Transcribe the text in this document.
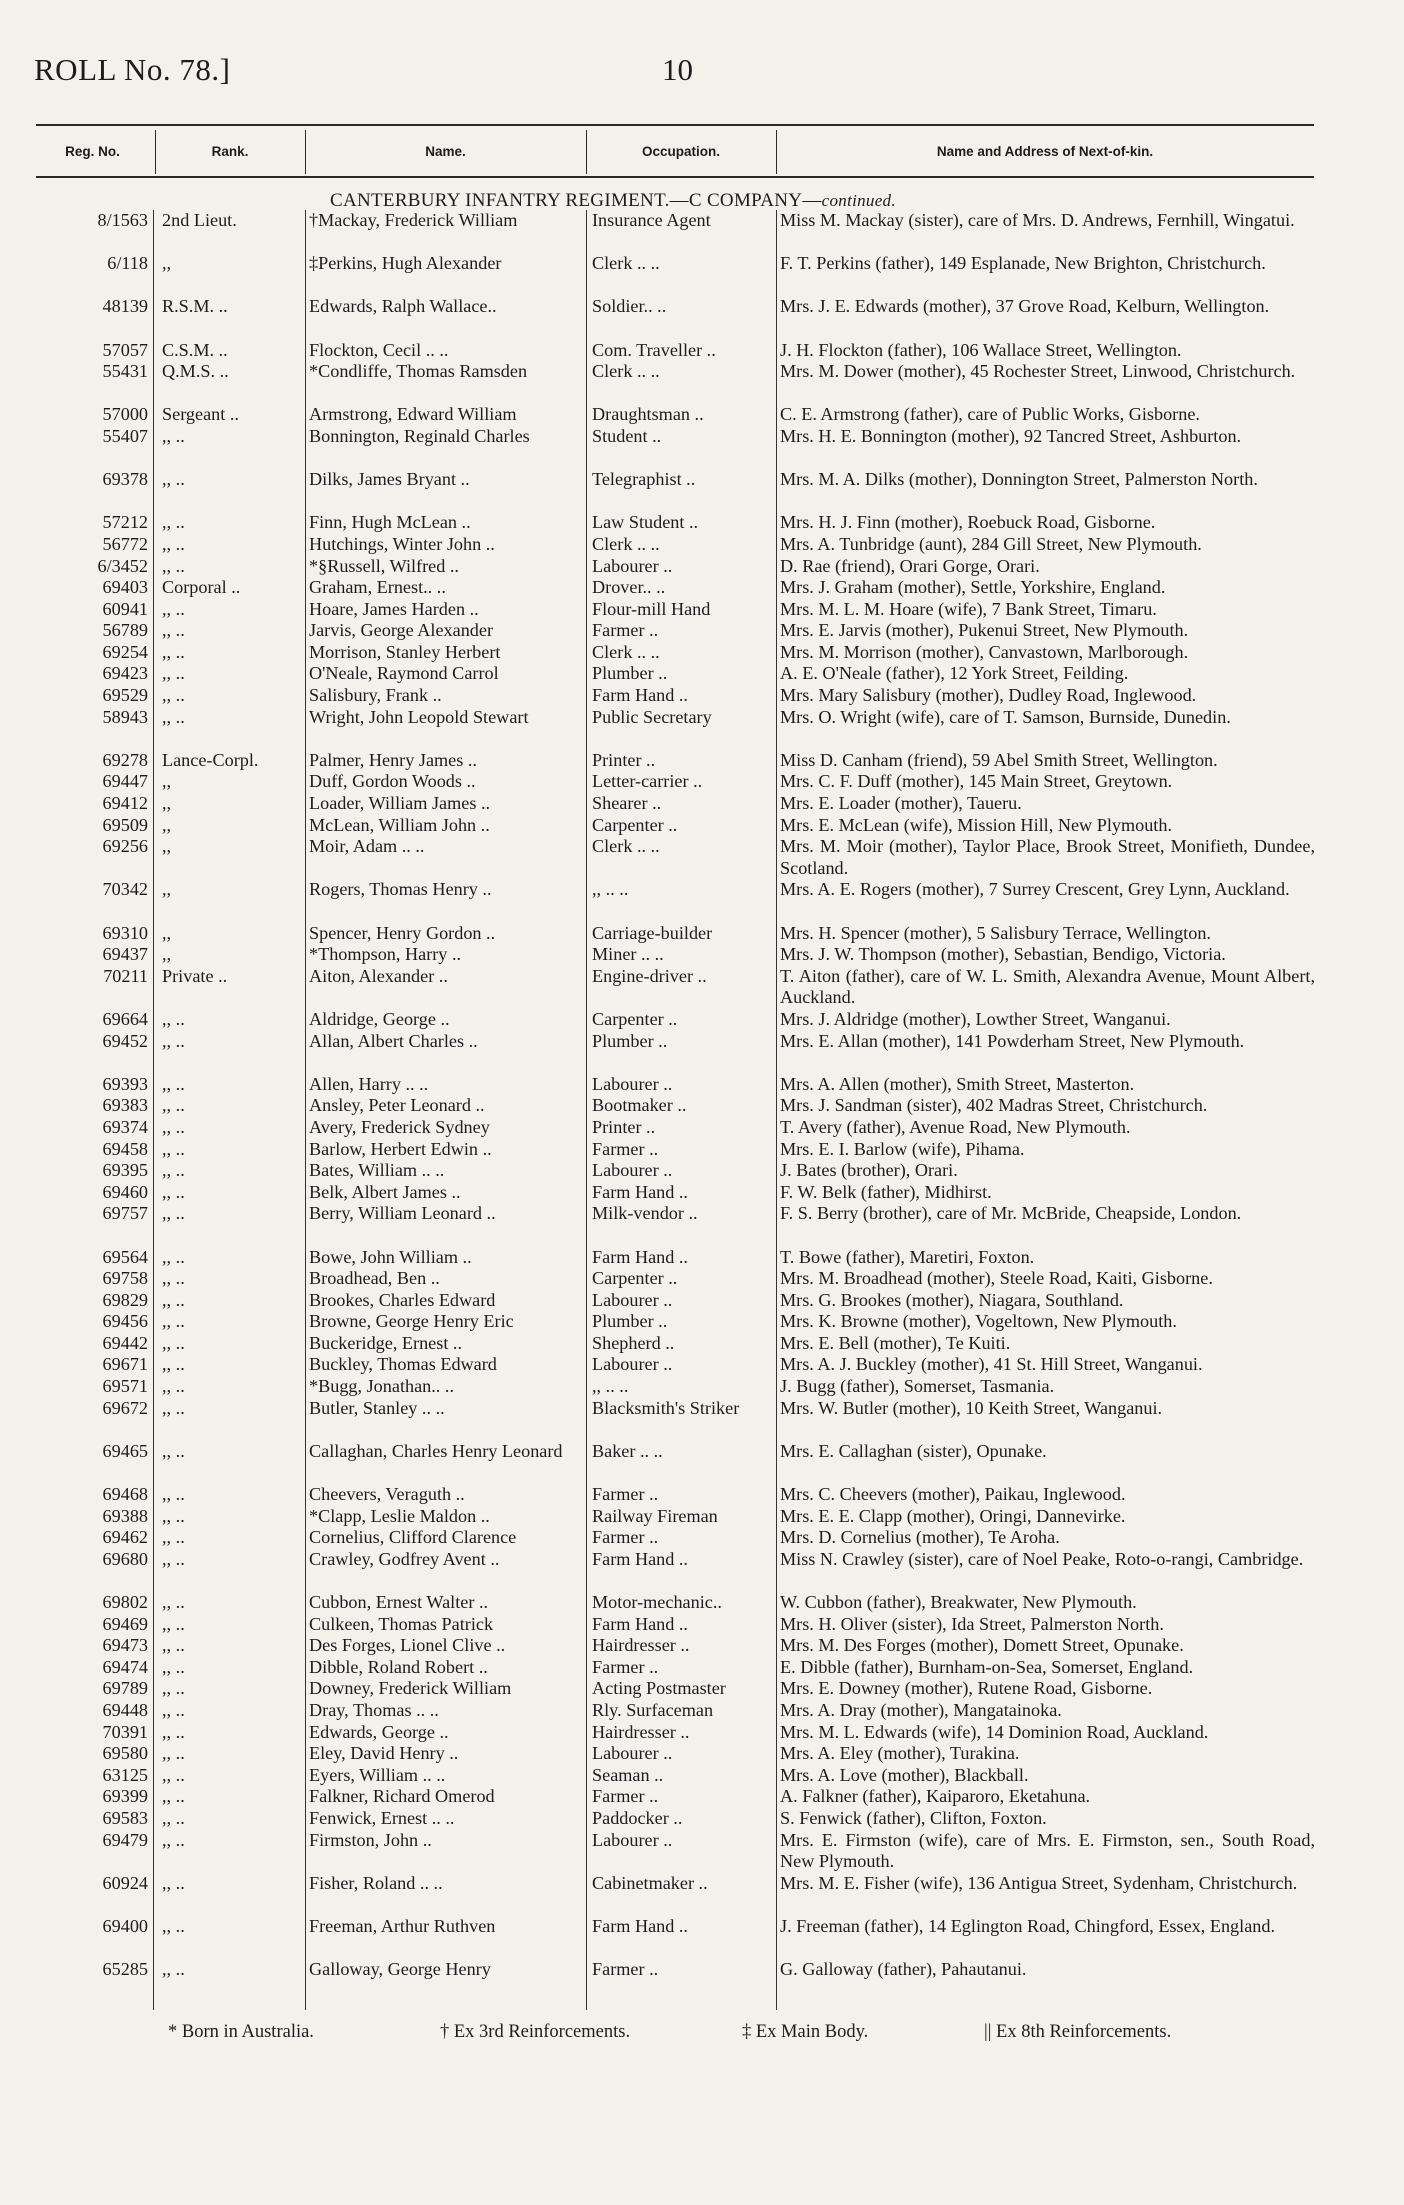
ROLL No. 78.]	10
Reg. No.	Rank.	Name.	Occupation.	Name and Address of Next-of-kin.
CANTERBURY INFANTRY REGIMENT.—C COMPANY—continued.
8/1563 2nd Lieut.	†Mackay, Frederick William	Insurance Agent	Miss M. Mackay (sister), care of Mrs. D. Andrews, Fernhill, Wingatui.
6/118 ,,	‡Perkins, Hugh Alexander	Clerk .. ..	F. T. Perkins (father), 149 Esplanade, New Brighton, Christchurch.
48139 R.S.M. ..	Edwards, Ralph Wallace..	Soldier.. ..	Mrs. J. E. Edwards (mother), 37 Grove Road, Kelburn, Wellington.
57057 C.S.M. ..	Flockton, Cecil .. ..	Com. Traveller ..	J. H. Flockton (father), 106 Wallace Street, Wellington.
55431 Q.M.S. ..	*Condliffe, Thomas Ramsden	Clerk .. ..	Mrs. M. Dower (mother), 45 Rochester Street, Linwood, Christchurch.
57000 Sergeant ..	Armstrong, Edward William	Draughtsman ..	C. E. Armstrong (father), care of Public Works, Gisborne.
55407 ,, ..	Bonnington, Reginald Charles	Student ..	Mrs. H. E. Bonnington (mother), 92 Tancred Street, Ashburton.
69378 ,, ..	Dilks, James Bryant ..	Telegraphist ..	Mrs. M. A. Dilks (mother), Donnington Street, Palmerston North.
57212 ,, ..	Finn, Hugh McLean ..	Law Student ..	Mrs. H. J. Finn (mother), Roebuck Road, Gisborne.
56772 ,, ..	Hutchings, Winter John ..	Clerk .. ..	Mrs. A. Tunbridge (aunt), 284 Gill Street, New Plymouth.
6/3452 ,, ..	*§Russell, Wilfred ..	Labourer ..	D. Rae (friend), Orari Gorge, Orari.
69403 Corporal ..	Graham, Ernest.. ..	Drover.. ..	Mrs. J. Graham (mother), Settle, Yorkshire, England.
60941 ,, ..	Hoare, James Harden ..	Flour-mill Hand	Mrs. M. L. M. Hoare (wife), 7 Bank Street, Timaru.
56789 ,, ..	Jarvis, George Alexander	Farmer ..	Mrs. E. Jarvis (mother), Pukenui Street, New Plymouth.
69254 ,, ..	Morrison, Stanley Herbert	Clerk .. ..	Mrs. M. Morrison (mother), Canvastown, Marlborough.
69423 ,, ..	O'Neale, Raymond Carrol	Plumber ..	A. E. O'Neale (father), 12 York Street, Feilding.
69529 ,, ..	Salisbury, Frank ..	Farm Hand ..	Mrs. Mary Salisbury (mother), Dudley Road, Inglewood.
58943 ,, ..	Wright, John Leopold Stewart	Public Secretary	Mrs. O. Wright (wife), care of T. Samson, Burnside, Dunedin.
69278 Lance-Corpl.	Palmer, Henry James ..	Printer ..	Miss D. Canham (friend), 59 Abel Smith Street, Wellington.
69447 ,,	Duff, Gordon Woods ..	Letter-carrier ..	Mrs. C. F. Duff (mother), 145 Main Street, Greytown.
69412 ,,	Loader, William James ..	Shearer ..	Mrs. E. Loader (mother), Taueru.
69509 ,,	McLean, William John ..	Carpenter ..	Mrs. E. McLean (wife), Mission Hill, New Plymouth.
69256 ,,	Moir, Adam .. ..	Clerk .. ..	Mrs. M. Moir (mother), Taylor Place, Brook Street, Monifieth, Dundee, Scotland.
70342 ,,	Rogers, Thomas Henry ..	,, .. ..	Mrs. A. E. Rogers (mother), 7 Surrey Crescent, Grey Lynn, Auckland.
69310 ,,	Spencer, Henry Gordon ..	Carriage-builder	Mrs. H. Spencer (mother), 5 Salisbury Terrace, Wellington.
69437 ,,	*Thompson, Harry ..	Miner .. ..	Mrs. J. W. Thompson (mother), Sebastian, Bendigo, Victoria.
70211 Private ..	Aiton, Alexander ..	Engine-driver ..	T. Aiton (father), care of W. L. Smith, Alexandra Avenue, Mount Albert, Auckland.
69664 ,, ..	Aldridge, George ..	Carpenter ..	Mrs. J. Aldridge (mother), Lowther Street, Wanganui.
69452 ,, ..	Allan, Albert Charles ..	Plumber ..	Mrs. E. Allan (mother), 141 Powderham Street, New Plymouth.
69393 ,, ..	Allen, Harry .. ..	Labourer ..	Mrs. A. Allen (mother), Smith Street, Masterton.
69383 ,, ..	Ansley, Peter Leonard ..	Bootmaker ..	Mrs. J. Sandman (sister), 402 Madras Street, Christchurch.
69374 ,, ..	Avery, Frederick Sydney	Printer ..	T. Avery (father), Avenue Road, New Plymouth.
69458 ,, ..	Barlow, Herbert Edwin ..	Farmer ..	Mrs. E. I. Barlow (wife), Pihama.
69395 ,, ..	Bates, William .. ..	Labourer ..	J. Bates (brother), Orari.
69460 ,, ..	Belk, Albert James ..	Farm Hand ..	F. W. Belk (father), Midhirst.
69757 ,, ..	Berry, William Leonard ..	Milk-vendor ..	F. S. Berry (brother), care of Mr. McBride, Cheapside, London.
69564 ,, ..	Bowe, John William ..	Farm Hand ..	T. Bowe (father), Maretiri, Foxton.
69758 ,, ..	Broadhead, Ben ..	Carpenter ..	Mrs. M. Broadhead (mother), Steele Road, Kaiti, Gisborne.
69829 ,, ..	Brookes, Charles Edward	Labourer ..	Mrs. G. Brookes (mother), Niagara, Southland.
69456 ,, ..	Browne, George Henry Eric	Plumber ..	Mrs. K. Browne (mother), Vogeltown, New Plymouth.
69442 ,, ..	Buckeridge, Ernest ..	Shepherd ..	Mrs. E. Bell (mother), Te Kuiti.
69671 ,, ..	Buckley, Thomas Edward	Labourer ..	Mrs. A. J. Buckley (mother), 41 St. Hill Street, Wanganui.
69571 ,, ..	*Bugg, Jonathan.. ..	,, .. ..	J. Bugg (father), Somerset, Tasmania.
69672 ,, ..	Butler, Stanley .. ..	Blacksmith's Striker	Mrs. W. Butler (mother), 10 Keith Street, Wanganui.
69465 ,, ..	Callaghan, Charles Henry Leonard	Baker .. ..	Mrs. E. Callaghan (sister), Opunake.
69468 ,, ..	Cheevers, Veraguth ..	Farmer ..	Mrs. C. Cheevers (mother), Paikau, Inglewood.
69388 ,, ..	*Clapp, Leslie Maldon ..	Railway Fireman	Mrs. E. E. Clapp (mother), Oringi, Dannevirke.
69462 ,, ..	Cornelius, Clifford Clarence	Farmer ..	Mrs. D. Cornelius (mother), Te Aroha.
69680 ,, ..	Crawley, Godfrey Avent ..	Farm Hand ..	Miss N. Crawley (sister), care of Noel Peake, Roto-o-rangi, Cambridge.
69802 ,, ..	Cubbon, Ernest Walter ..	Motor-mechanic..	W. Cubbon (father), Breakwater, New Plymouth.
69469 ,, ..	Culkeen, Thomas Patrick	Farm Hand ..	Mrs. H. Oliver (sister), Ida Street, Palmerston North.
69473 ,, ..	Des Forges, Lionel Clive ..	Hairdresser ..	Mrs. M. Des Forges (mother), Domett Street, Opunake.
69474 ,, ..	Dibble, Roland Robert ..	Farmer ..	E. Dibble (father), Burnham-on-Sea, Somerset, England.
69789 ,, ..	Downey, Frederick William	Acting Postmaster	Mrs. E. Downey (mother), Rutene Road, Gisborne.
69448 ,, ..	Dray, Thomas .. ..	Rly. Surfaceman	Mrs. A. Dray (mother), Mangatainoka.
70391 ,, ..	Edwards, George ..	Hairdresser ..	Mrs. M. L. Edwards (wife), 14 Dominion Road, Auckland.
69580 ,, ..	Eley, David Henry ..	Labourer ..	Mrs. A. Eley (mother), Turakina.
63125 ,, ..	Eyers, William .. ..	Seaman ..	Mrs. A. Love (mother), Blackball.
69399 ,, ..	Falkner, Richard Omerod	Farmer ..	A. Falkner (father), Kaiparoro, Eketahuna.
69583 ,, ..	Fenwick, Ernest .. ..	Paddocker ..	S. Fenwick (father), Clifton, Foxton.
69479 ,, ..	Firmston, John ..	Labourer ..	Mrs. E. Firmston (wife), care of Mrs. E. Firmston, sen., South Road, New Plymouth.
60924 ,, ..	Fisher, Roland .. ..	Cabinetmaker ..	Mrs. M. E. Fisher (wife), 136 Antigua Street, Sydenham, Christchurch.
69400 ,, ..	Freeman, Arthur Ruthven	Farm Hand ..	J. Freeman (father), 14 Eglington Road, Chingford, Essex, England.
65285 ,, ..	Galloway, George Henry	Farmer ..	G. Galloway (father), Pahautanui.
* Born in Australia.	† Ex 3rd Reinforcements.	‡ Ex Main Body.	|| Ex 8th Reinforcements.
